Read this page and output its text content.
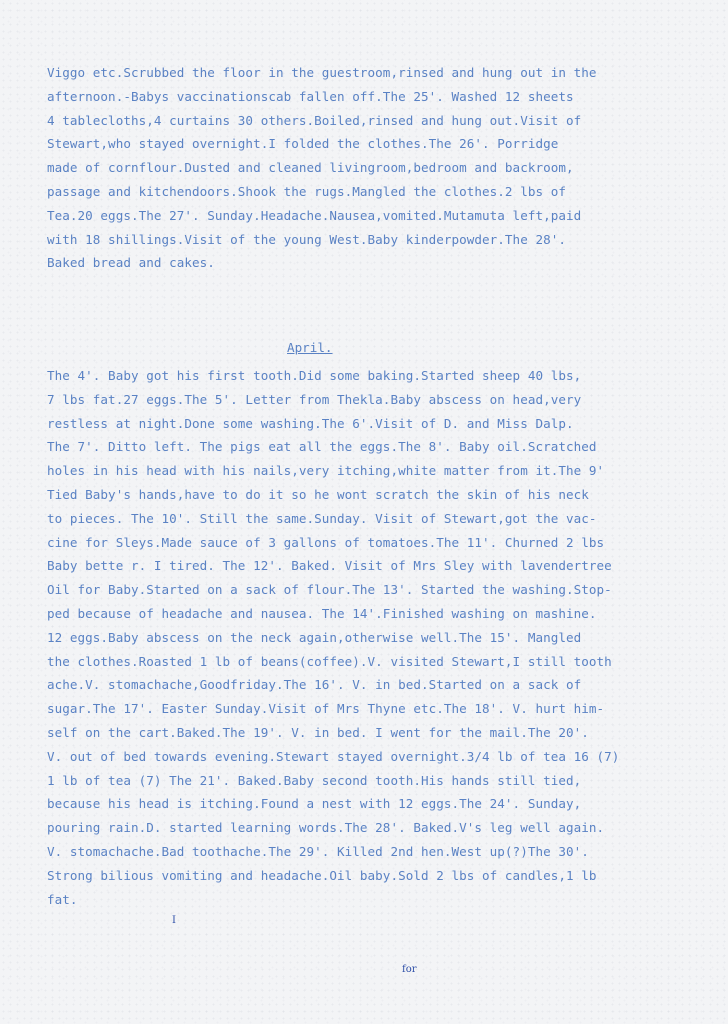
Viggo etc.Scrubbed the floor in the guestroom,rinsed and hung out in the
afternoon.-Babys vaccinationscab fallen off.The 25'. Washed 12 sheets
4 tablecloths,4 curtains 30 others.Boiled,rinsed and hung out.Visit of
Stewart,who stayed overnight.I folded the clothes.The 26'. Porridge
made of cornflour.Dusted and cleaned livingroom,bedroom and backroom,
passage and kitchendoors.Shook the rugs.Mangled the clothes.2 lbs of
Tea.20 eggs.The 27'. Sunday.Headache.Nausea,vomited.Mutamuta left,paid
with 18 shillings.Visit of the young West.Baby kinderpowder.The 28'.
Baked bread and cakes.
April.
The 4'. Baby got his first tooth.Did some baking.Started sheep 40 lbs,
7 lbs fat.27 eggs.The 5'. Letter from Thekla.Baby abscess on head,very
restless at night.Done some washing.The 6'.Visit of D. and Miss Dalp.
The 7'. Ditto left. The pigs eat all the eggs.The 8'. Baby oil.Scratched
holes in his head with his nails,very itching,white matter from it.The 9'
Tied Baby's hands,have to do it so he wont scratch the skin of his neck
to pieces. The 10'. Still the same.Sunday. Visit of Stewart,got the vac-
cine for Sleys.Made sauce of 3 gallons of tomatoes.The 11'. Churned 2 lbs
Baby bette r. I tired. The 12'. Baked. Visit of Mrs Sley with lavendertree
Oil for Baby.Started on a sack of flour.The 13'. Started the washing.Stop-
ped because of headache and nausea. The 14'.Finished washing on mashine.
12 eggs.Baby abscess on the neck again,otherwise well.The 15'. Mangled
the clothes.Roasted 1 lb of beans(coffee).V. visited Stewart,I still tooth
ache.V. stomachache,Goodfriday.The 16'. V. in bed.Started on a sack of
sugar.The 17'. Easter Sunday.Visit of Mrs Thyne etc.The 18'. V. hurt him-
self on the cart.Baked.The 19'. V. in bed. I went for the mail.The 20'.
V. out of bed towards evening.Stewart stayed overnight.3/4 lb of tea 16 (7)
1 lb of tea (7) The 21'. Baked.Baby second tooth.His hands still tied,
because his head is itching.Found a nest with 12 eggs.The 24'. Sunday,
pouring rain.D. started learning words.The 28'. Baked.V's leg well again.
V. stomachache.Bad toothache.The 29'. Killed 2nd hen.West up(?)The 30'.
Strong bilious vomiting and headache.Oil baby.Sold 2 lbs of candles,1 lb
fat.
I
for
